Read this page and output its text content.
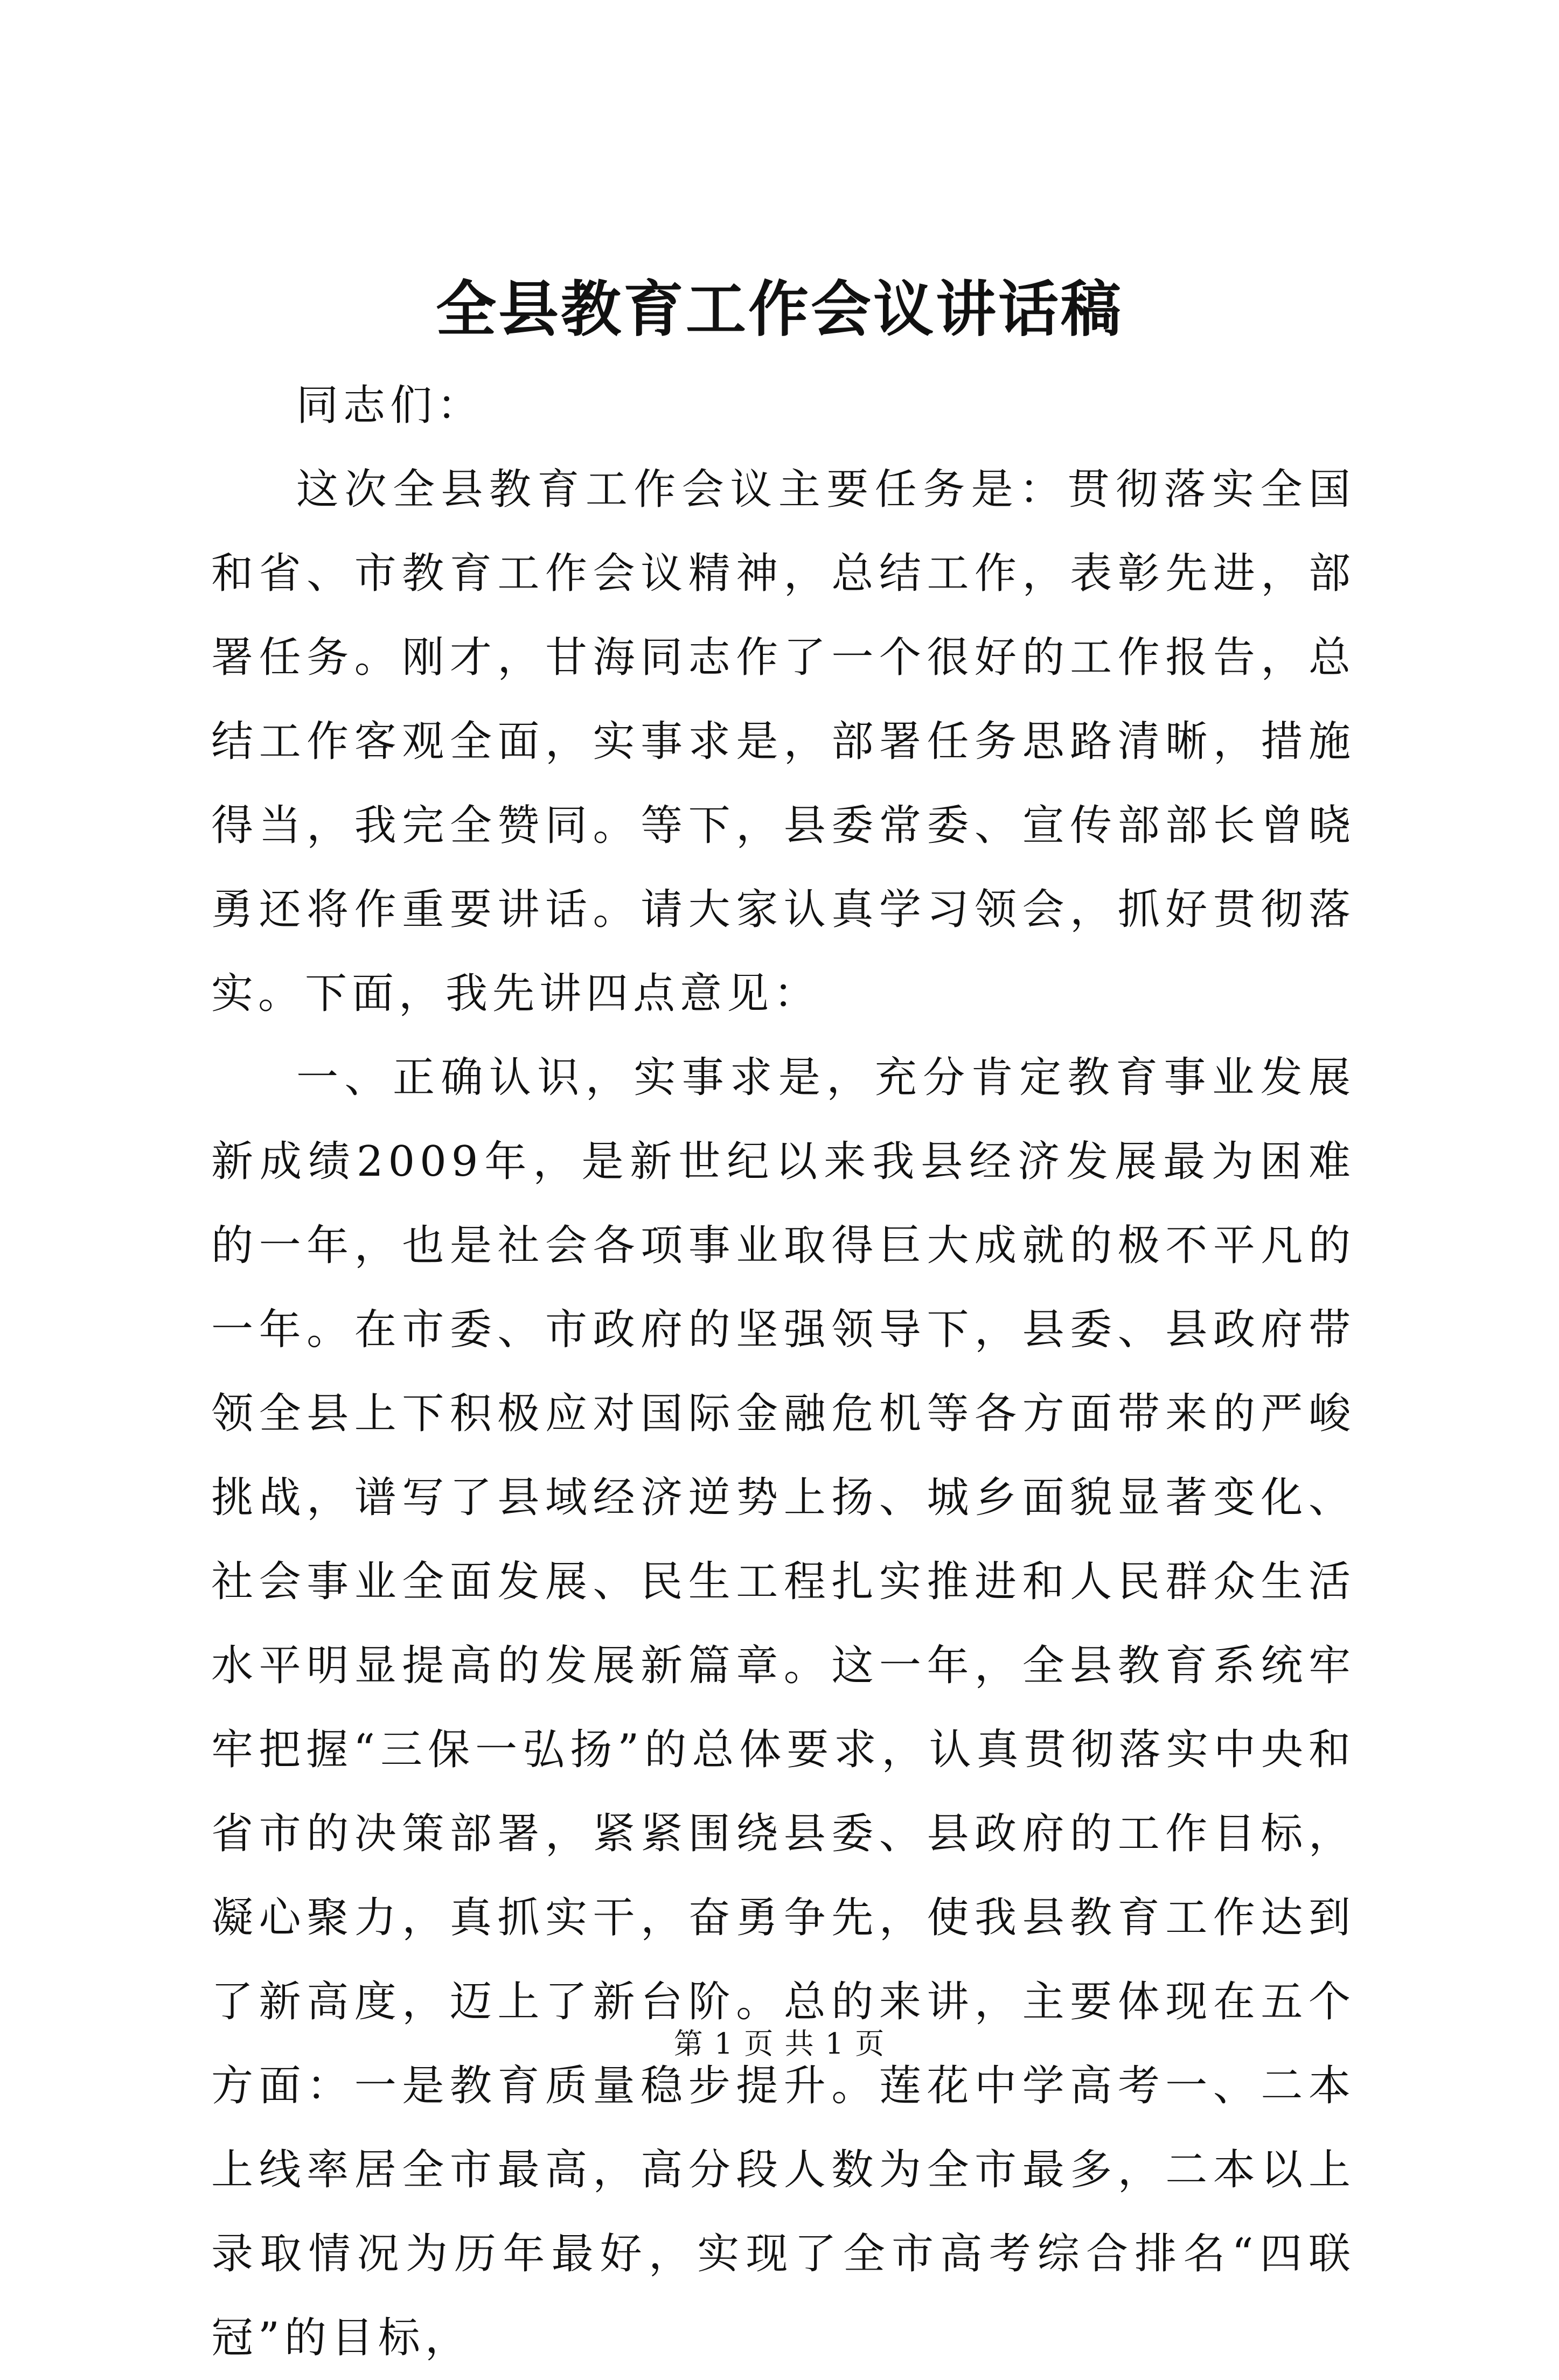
全县教育工作会议讲话稿

同志们：

这次全县教育工作会议主要任务是：贯彻落实全国和省、市教育工作会议精神，总结工作，表彰先进，部署任务。刚才，甘海同志作了一个很好的工作报告，总结工作客观全面，实事求是，部署任务思路清晰，措施得当，我完全赞同。等下，县委常委、宣传部部长曾晓勇还将作重要讲话。请大家认真学习领会，抓好贯彻落实。下面，我先讲四点意见：

一、正确认识，实事求是，充分肯定教育事业发展新成绩2009年，是新世纪以来我县经济发展最为困难的一年，也是社会各项事业取得巨大成就的极不平凡的一年。在市委、市政府的坚强领导下，县委、县政府带领全县上下积极应对国际金融危机等各方面带来的严峻挑战，谱写了县域经济逆势上扬、城乡面貌显著变化、社会事业全面发展、民生工程扎实推进和人民群众生活水平明显提高的发展新篇章。这一年，全县教育系统牢牢把握“三保一弘扬”的总体要求，认真贯彻落实中央和省市的决策部署，紧紧围绕县委、县政府的工作目标，凝心聚力，真抓实干，奋勇争先，使我县教育工作达到了新高度，迈上了新台阶。总的来讲，主要体现在五个方面：一是教育质量稳步提升。莲花中学高考一、二本上线率居全市最高，高分段人数为全市最多，二本以上录取情况为历年最好，实现了全市高考综合排名“四联冠”的目标，

第 1 页 共 1 页
